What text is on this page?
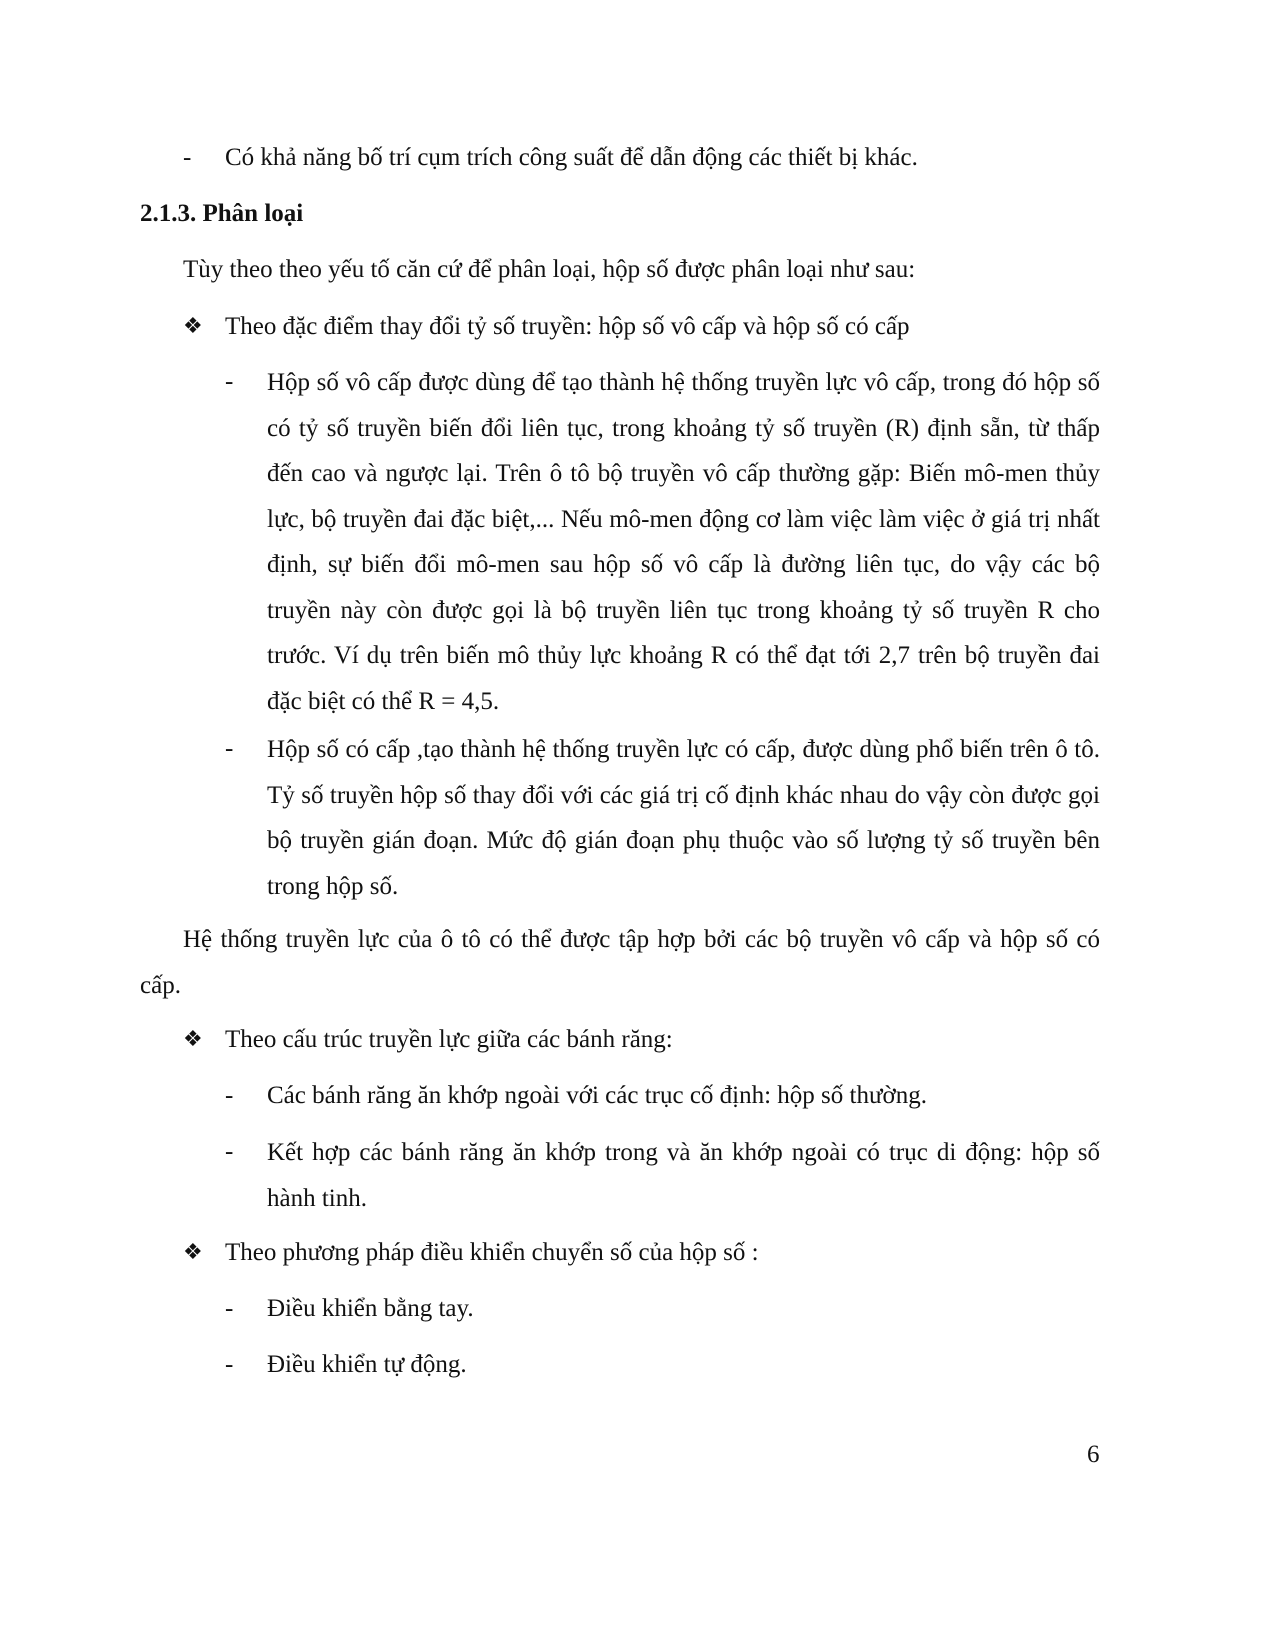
- Có khả năng bố trí cụm trích công suất để dẫn động các thiết bị khác.
2.1.3. Phân loại
Tùy theo theo yếu tố căn cứ để phân loại, hộp số được phân loại như sau:
❖ Theo đặc điểm thay đổi tỷ số truyền: hộp số vô cấp và hộp số có cấp
- Hộp số vô cấp được dùng để tạo thành hệ thống truyền lực vô cấp, trong đó hộp số có tỷ số truyền biến đổi liên tục, trong khoảng tỷ số truyền (R) định sẵn, từ thấp đến cao và ngược lại. Trên ô tô bộ truyền vô cấp thường gặp: Biến mô-men thủy lực, bộ truyền đai đặc biệt,... Nếu mô-men động cơ làm việc làm việc ở giá trị nhất định, sự biến đổi mô-men sau hộp số vô cấp là đường liên tục, do vậy các bộ truyền này còn được gọi là bộ truyền liên tục trong khoảng tỷ số truyền R cho trước. Ví dụ trên biến mô thủy lực khoảng R có thể đạt tới 2,7 trên bộ truyền đai đặc biệt có thể R = 4,5.
- Hộp số có cấp ,tạo thành hệ thống truyền lực có cấp, được dùng phổ biến trên ô tô. Tỷ số truyền hộp số thay đổi với các giá trị cố định khác nhau do vậy còn được gọi bộ truyền gián đoạn. Mức độ gián đoạn phụ thuộc vào số lượng tỷ số truyền bên trong hộp số.
Hệ thống truyền lực của ô tô có thể được tập hợp bởi các bộ truyền vô cấp và hộp số có cấp.
❖ Theo cấu trúc truyền lực giữa các bánh răng:
- Các bánh răng ăn khớp ngoài với các trục cố định: hộp số thường.
- Kết hợp các bánh răng ăn khớp trong và ăn khớp ngoài có trục di động: hộp số hành tinh.
❖ Theo phương pháp điều khiển chuyển số của hộp số :
- Điều khiển bằng tay.
- Điều khiển tự động.
6
